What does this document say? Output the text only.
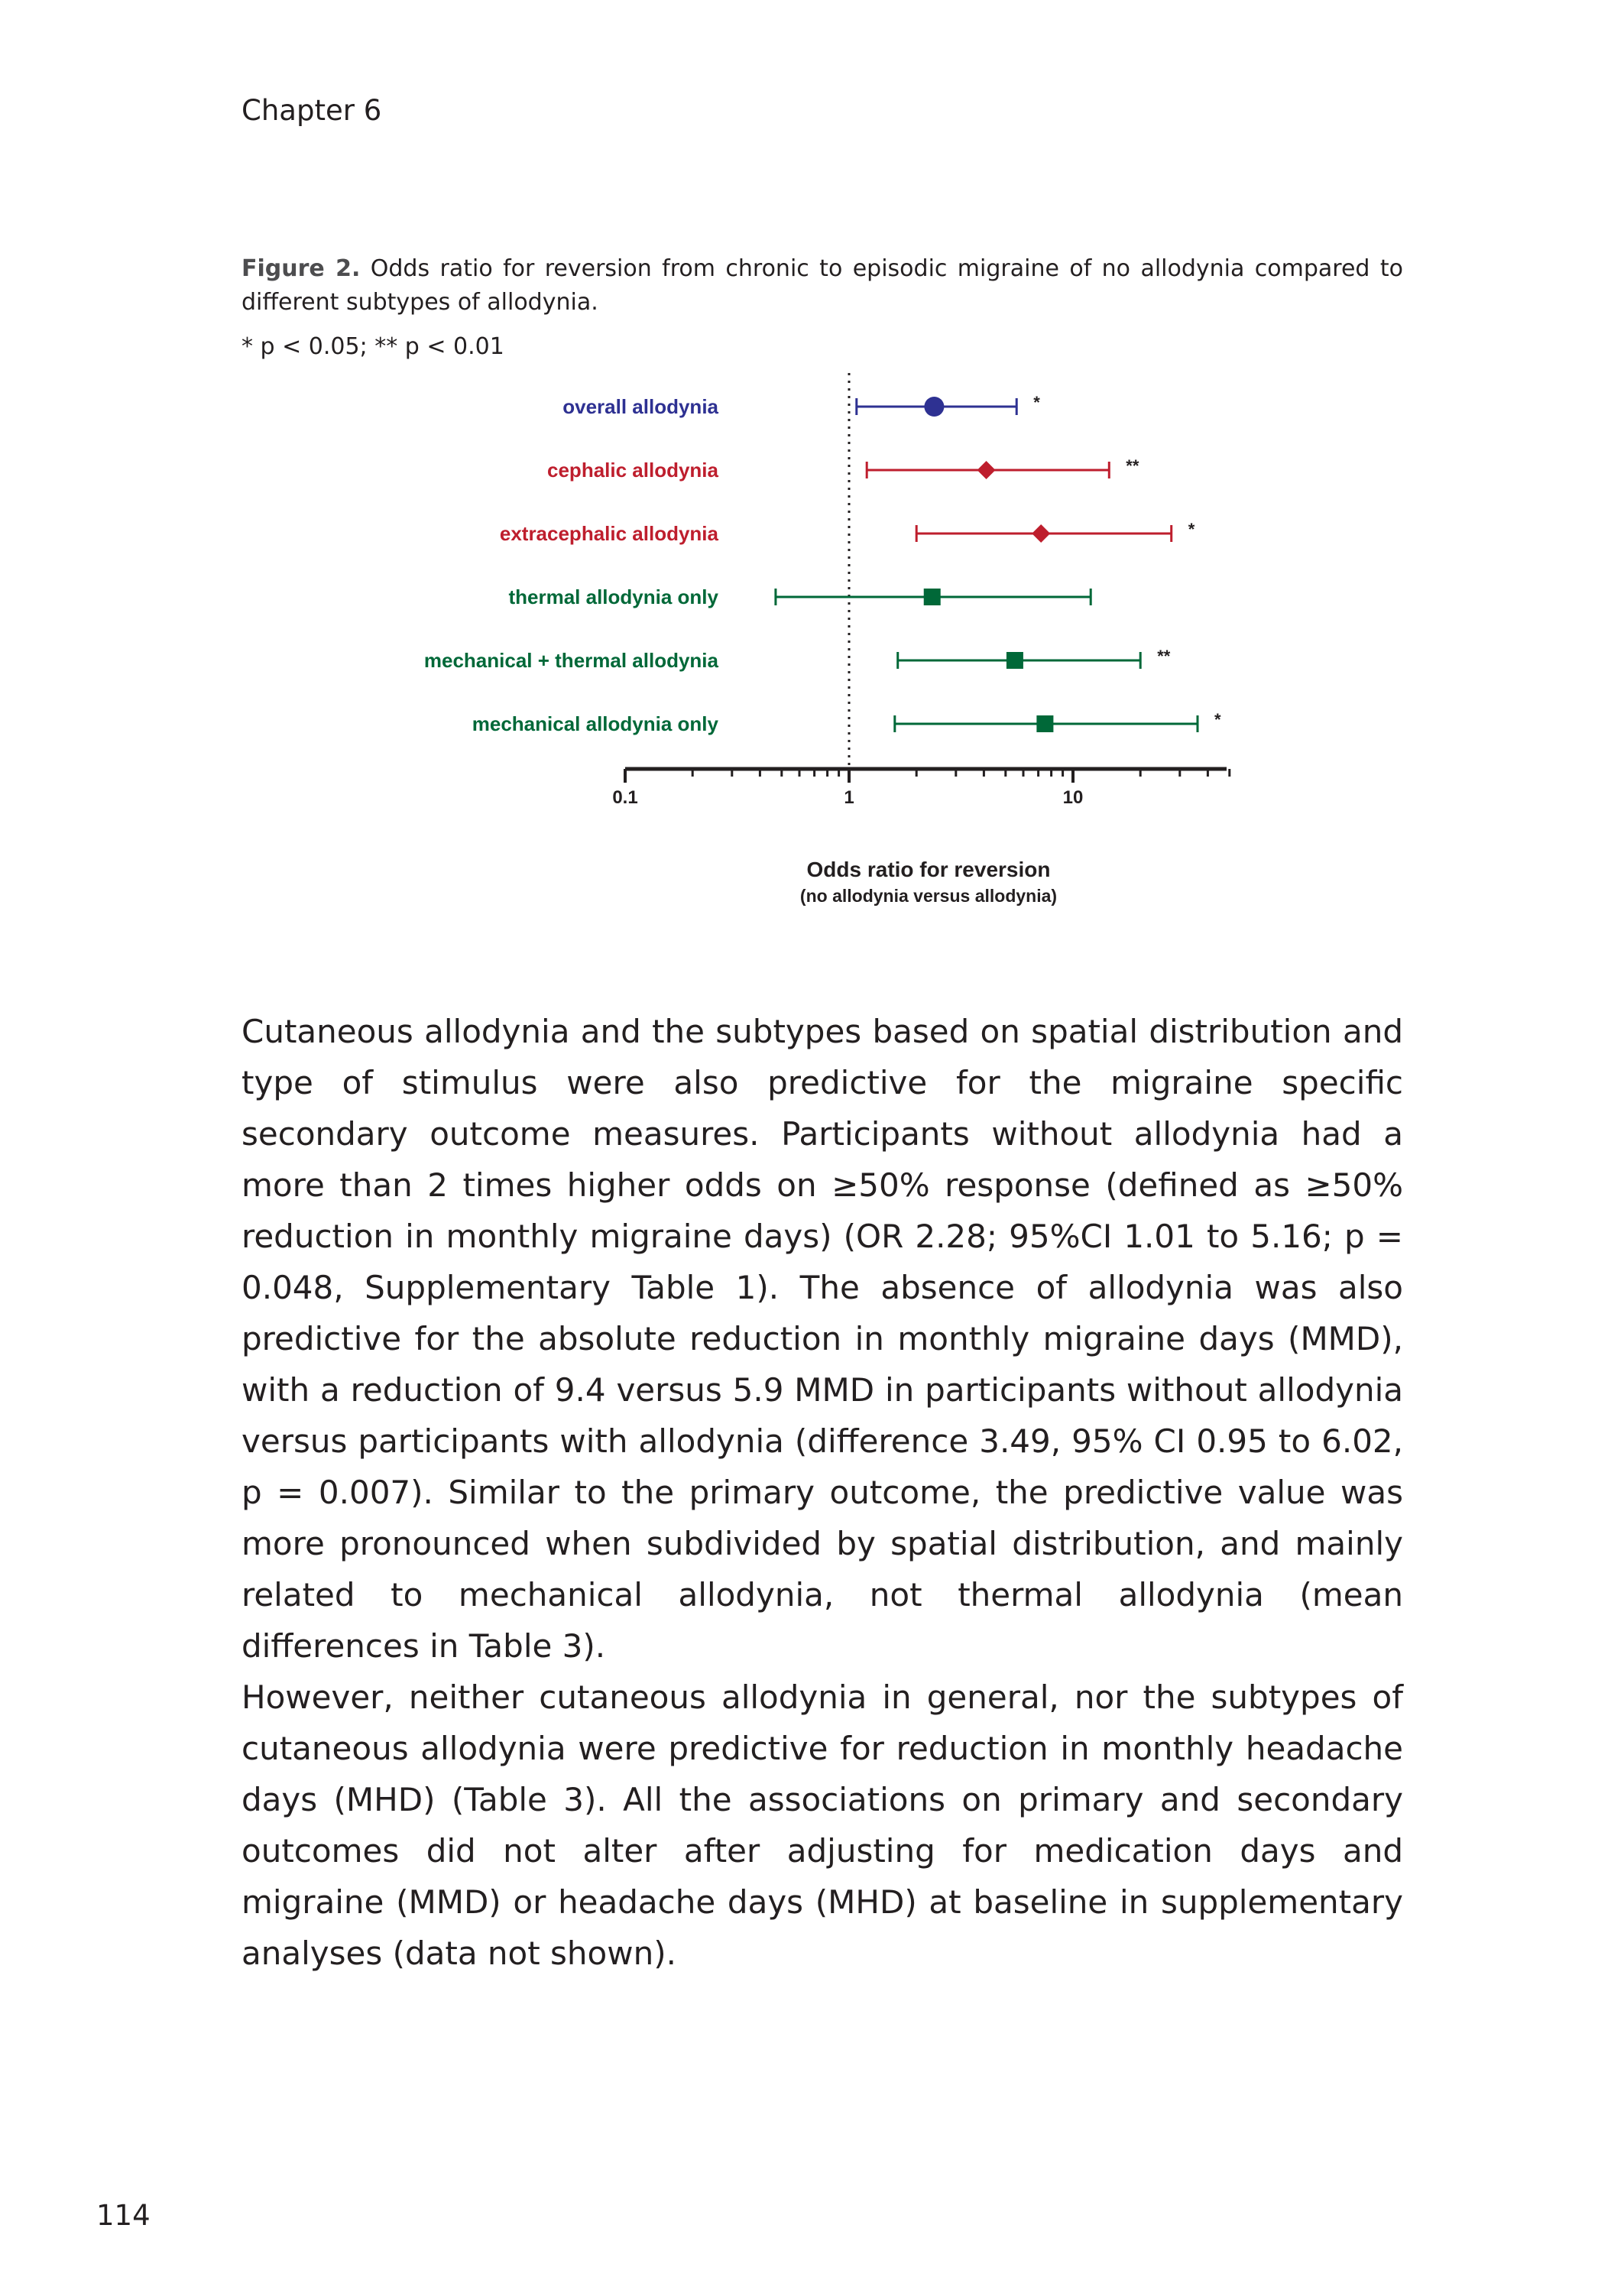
Chapter 6
Figure 2. Odds ratio for reversion from chronic to episodic migraine of no allodynia compared to different subtypes of allodynia.
* p < 0.05; ** p < 0.01
overall allodynia	*
cephalic allodynia	**
extracephalic allodynia	*
thermal allodynia only
mechanical + thermal allodynia	**
mechanical allodynia only	*
0.1	1	10
Odds ratio for reversion
(no allodynia versus allodynia)

Cutaneous allodynia and the subtypes based on spatial distribution and type of stimulus were also predictive for the migraine specific secondary outcome measures. Participants without allodynia had a more than 2 times higher odds on ≥50% response (defined as ≥50% reduction in monthly migraine days) (OR 2.28; 95%CI 1.01 to 5.16; p = 0.048, Supplementary Table 1). The absence of allodynia was also predictive for the absolute reduction in monthly migraine days (MMD), with a reduction of 9.4 versus 5.9 MMD in participants without allodynia versus participants with allodynia (difference 3.49, 95% CI 0.95 to 6.02, p = 0.007). Similar to the primary outcome, the predictive value was more pronounced when subdivided by spatial distribution, and mainly related to mechanical allodynia, not thermal allodynia (mean differences in Table 3).

However, neither cutaneous allodynia in general, nor the subtypes of cutaneous allodynia were predictive for reduction in monthly headache days (MHD) (Table 3). All the associations on primary and secondary outcomes did not alter after adjusting for medication days and migraine (MMD) or headache days (MHD) at baseline in supplementary analyses (data not shown).

114
